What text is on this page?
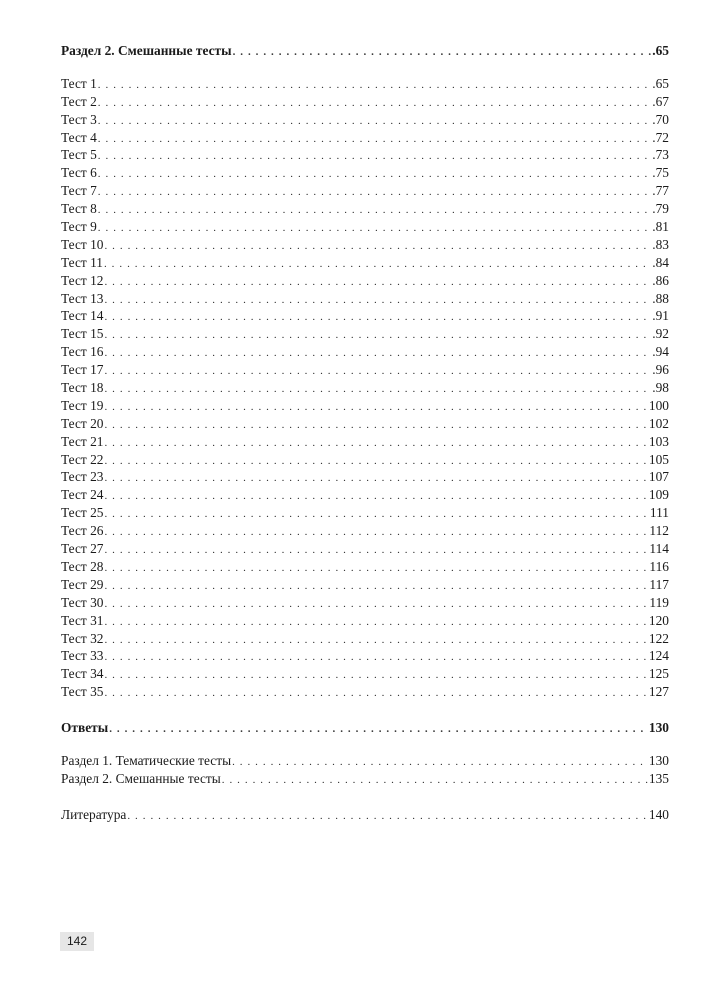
Раздел 2. Смешанные тесты . . .	.65
Тест 1 . . .	.65
Тест 2 . . .	.67
Тест 3 . . .	.70
Тест 4 . . .	.72
Тест 5 . . .	.73
Тест 6 . . .	.75
Тест 7 . . .	.77
Тест 8 . . .	.79
Тест 9 . . .	.81
Тест 10 . . .	.83
Тест 11 . . .	.84
Тест 12 . . .	.86
Тест 13 . . .	.88
Тест 14 . . .	.91
Тест 15 . . .	.92
Тест 16 . . .	.94
Тест 17 . . .	.96
Тест 18 . . .	.98
Тест 19 . . .	100
Тест 20 . . .	102
Тест 21 . . .	103
Тест 22 . . .	105
Тест 23 . . .	107
Тест 24 . . .	109
Тест 25 . . .	111
Тест 26 . . .	112
Тест 27 . . .	114
Тест 28 . . .	116
Тест 29 . . .	117
Тест 30 . . .	119
Тест 31 . . .	120
Тест 32 . . .	122
Тест 33 . . .	124
Тест 34 . . .	125
Тест 35 . . .	127
Ответы . . .	130
Раздел 1. Тематические тесты . . .	130
Раздел 2. Смешанные тесты . . .	135
Литература . . .	140
142
